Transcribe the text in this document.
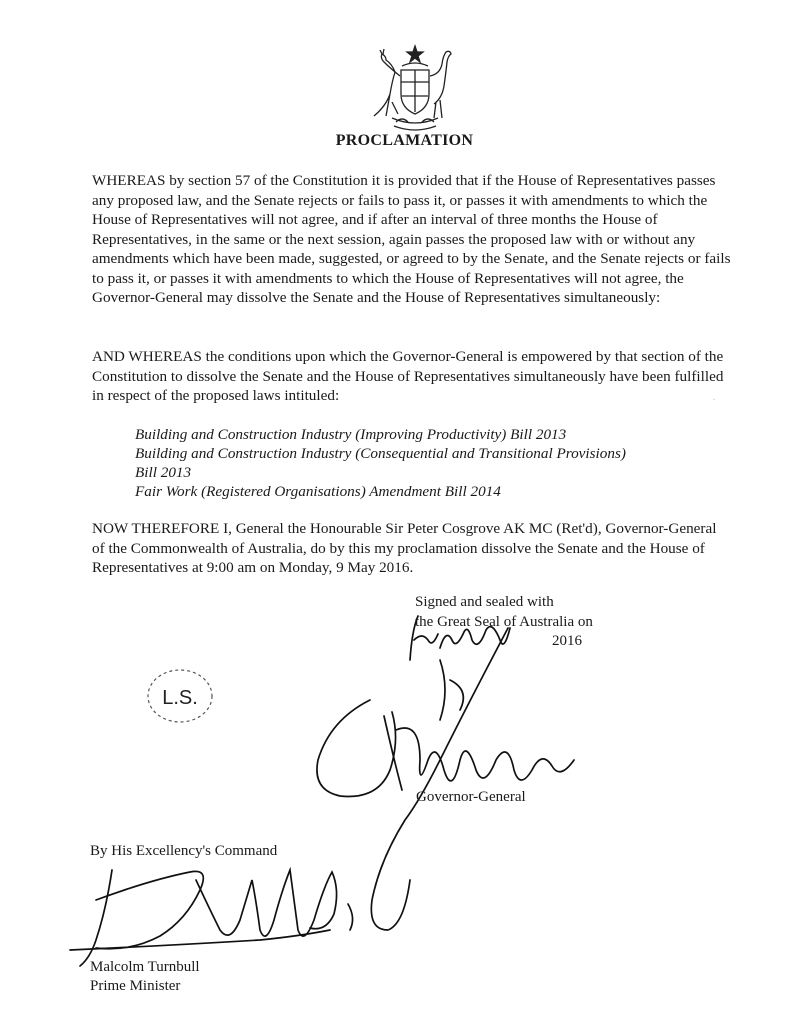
PROCLAMATION
WHEREAS by section 57 of the Constitution it is provided that if the House of Representatives passes any proposed law, and the Senate rejects or fails to pass it, or passes it with amendments to which the House of Representatives will not agree, and if after an interval of three months the House of Representatives, in the same or the next session, again passes the proposed law with or without any amendments which have been made, suggested, or agreed to by the Senate, and the Senate rejects or fails to pass it, or passes it with amendments to which the House of Representatives will not agree, the Governor-General may dissolve the Senate and the House of Representatives simultaneously:
AND WHEREAS the conditions upon which the Governor-General is empowered by that section of the Constitution to dissolve the Senate and the House of Representatives simultaneously have been fulfilled in respect of the proposed laws intituled:
Building and Construction Industry (Improving Productivity) Bill 2013
Building and Construction Industry (Consequential and Transitional Provisions)
Bill 2013
Fair Work (Registered Organisations) Amendment Bill 2014
NOW THEREFORE I, General the Honourable Sir Peter Cosgrove AK MC (Ret'd), Governor-General of the Commonwealth of Australia, do by this my proclamation dissolve the Senate and the House of Representatives at 9:00 am on Monday, 9 May 2016.
Signed and sealed with
the Great Seal of Australia on
2016
L.S.
Governor-General
By His Excellency's Command
Malcolm Turnbull
Prime Minister
·
